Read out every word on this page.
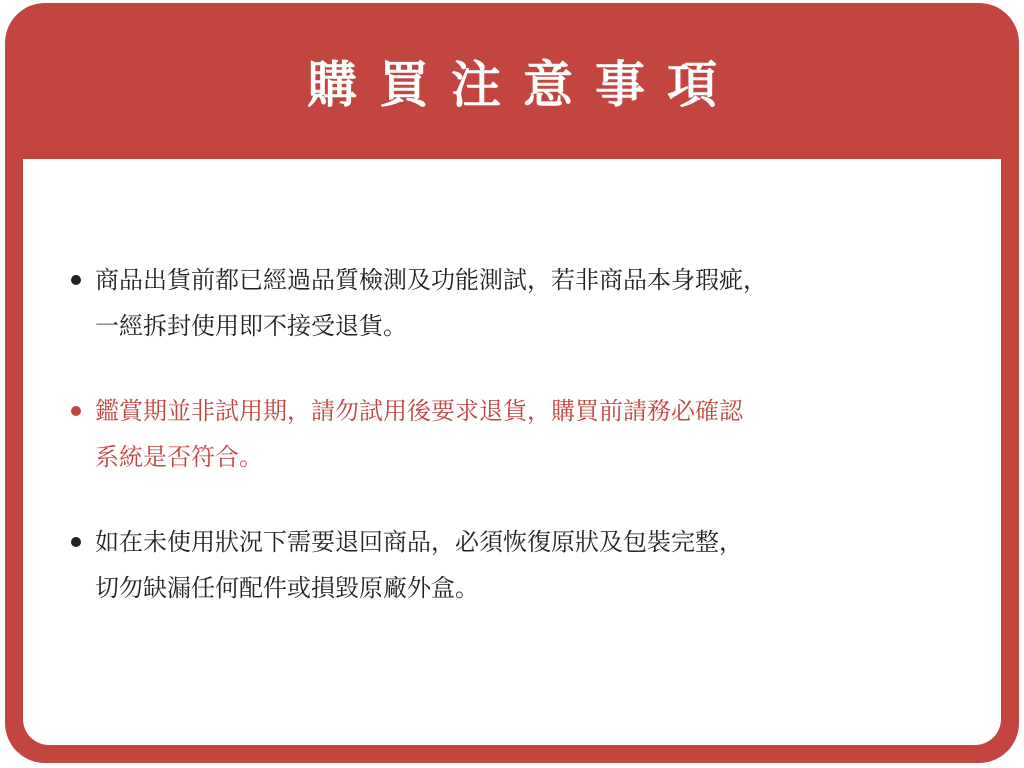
購買注意事項
商品出貨前都已經過品質檢測及功能測試，若非商品本身瑕疵，
一經拆封使用即不接受退貨。
鑑賞期並非試用期，請勿試用後要求退貨，購買前請務必確認
系統是否符合。
如在未使用狀況下需要退回商品，必須恢復原狀及包裝完整，
切勿缺漏任何配件或損毀原廠外盒。
